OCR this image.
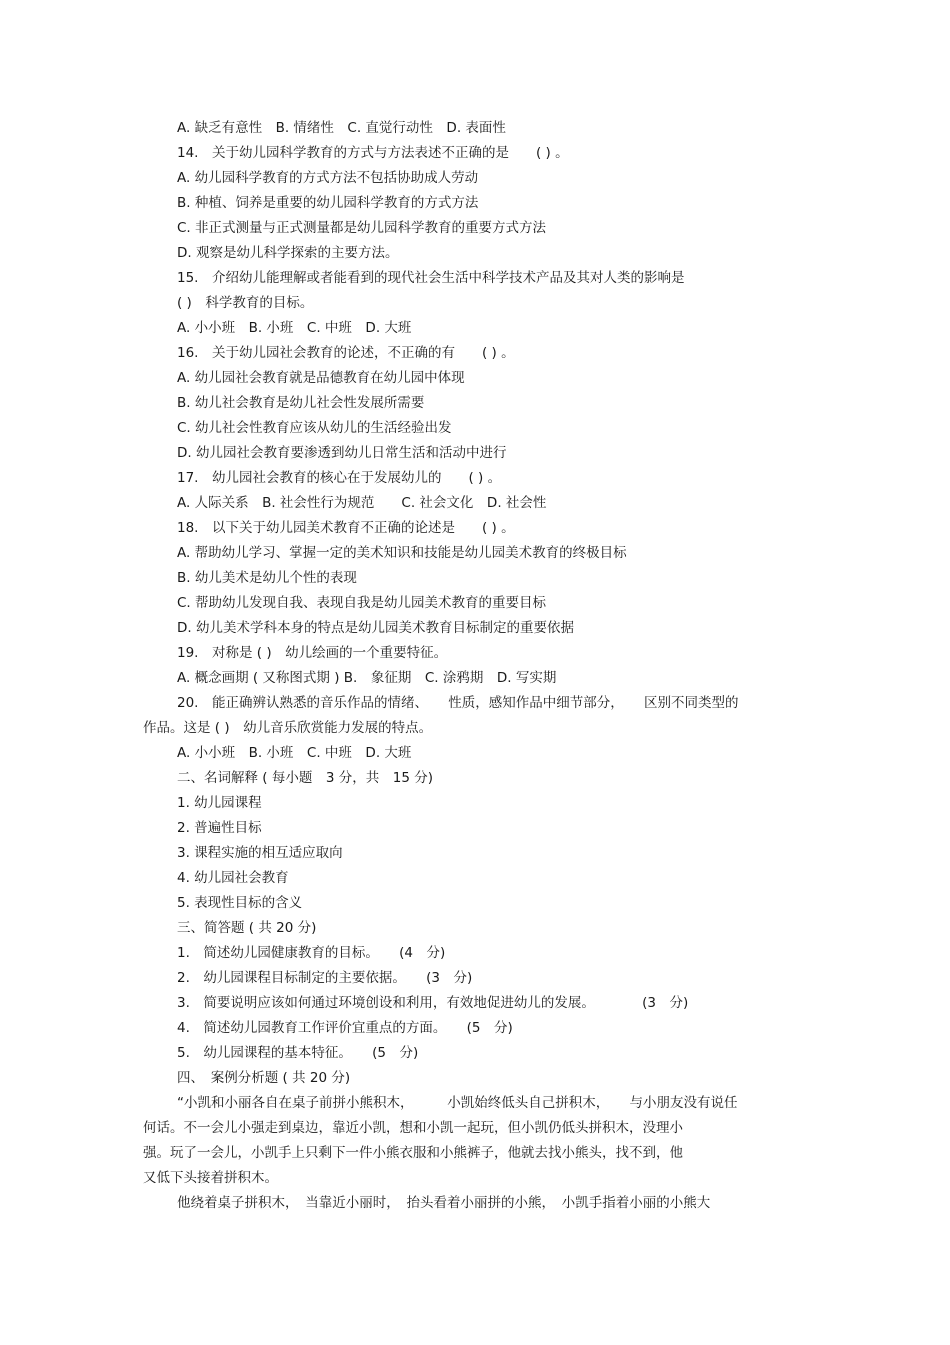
A. 缺乏有意性　B. 情绪性　C. 直觉行动性　D. 表面性
14.　关于幼儿园科学教育的方式与方法表述不正确的是　　( ) 。
A. 幼儿园科学教育的方式方法不包括协助成人劳动
B. 种植、饲养是重要的幼儿园科学教育的方式方法
C. 非正式测量与正式测量都是幼儿园科学教育的重要方式方法
D. 观察是幼儿科学探索的主要方法。
15.　介绍幼儿能理解或者能看到的现代社会生活中科学技术产品及其对人类的影响是
( )　科学教育的目标。
A. 小小班　B. 小班　C. 中班　D. 大班
16.　关于幼儿园社会教育的论述，不正确的有　　( ) 。
A. 幼儿园社会教育就是品德教育在幼儿园中体现
B. 幼儿社会教育是幼儿社会性发展所需要
C. 幼儿社会性教育应该从幼儿的生活经验出发
D. 幼儿园社会教育要渗透到幼儿日常生活和活动中进行
17.　幼儿园社会教育的核心在于发展幼儿的　　( ) 。
A. 人际关系　B. 社会性行为规范　　C. 社会文化　D. 社会性
18.　以下关于幼儿园美术教育不正确的论述是　　( ) 。
A. 帮助幼儿学习、掌握一定的美术知识和技能是幼儿园美术教育的终极目标
B. 幼儿美术是幼儿个性的表现
C. 帮助幼儿发现自我、表现自我是幼儿园美术教育的重要目标
D. 幼儿美术学科本身的特点是幼儿园美术教育目标制定的重要依据
19.　对称是 ( )　幼儿绘画的一个重要特征。
A. 概念画期 ( 又称图式期 ) B.　象征期　C. 涂鸦期　D. 写实期
20.　能正确辨认熟悉的音乐作品的情绪、　　性质，感知作品中细节部分，　　区别不同类型的
作品。这是 ( )　幼儿音乐欣赏能力发展的特点。
A. 小小班　B. 小班　C. 中班　D. 大班
二、名词解释 ( 每小题　3 分，共　15 分)
1. 幼儿园课程
2. 普遍性目标
3. 课程实施的相互适应取向
4. 幼儿园社会教育
5. 表现性目标的含义
三、简答题 ( 共 20 分)
1.　简述幼儿园健康教育的目标。　　(4　分)
2.　幼儿园课程目标制定的主要依据。　　(3　分)
3.　简要说明应该如何通过环境创设和利用，有效地促进幼儿的发展。　　　　(3　分)
4.　简述幼儿园教育工作评价宜重点的方面。　　(5　分)
5.　幼儿园课程的基本特征。　　(5　分)
四、　案例分析题 ( 共 20 分)
“小凯和小丽各自在桌子前拼小熊积木，　　　小凯始终低头自己拼积木，　　与小朋友没有说任
何话。不一会儿小强走到桌边，靠近小凯，想和小凯一起玩，但小凯仍低头拼积木，没理小
强。玩了一会儿，小凯手上只剩下一件小熊衣服和小熊裤子，他就去找小熊头，找不到，他
又低下头接着拼积木。
他绕着桌子拼积木，　当靠近小丽时，　抬头看着小丽拼的小熊，　小凯手指着小丽的小熊大
